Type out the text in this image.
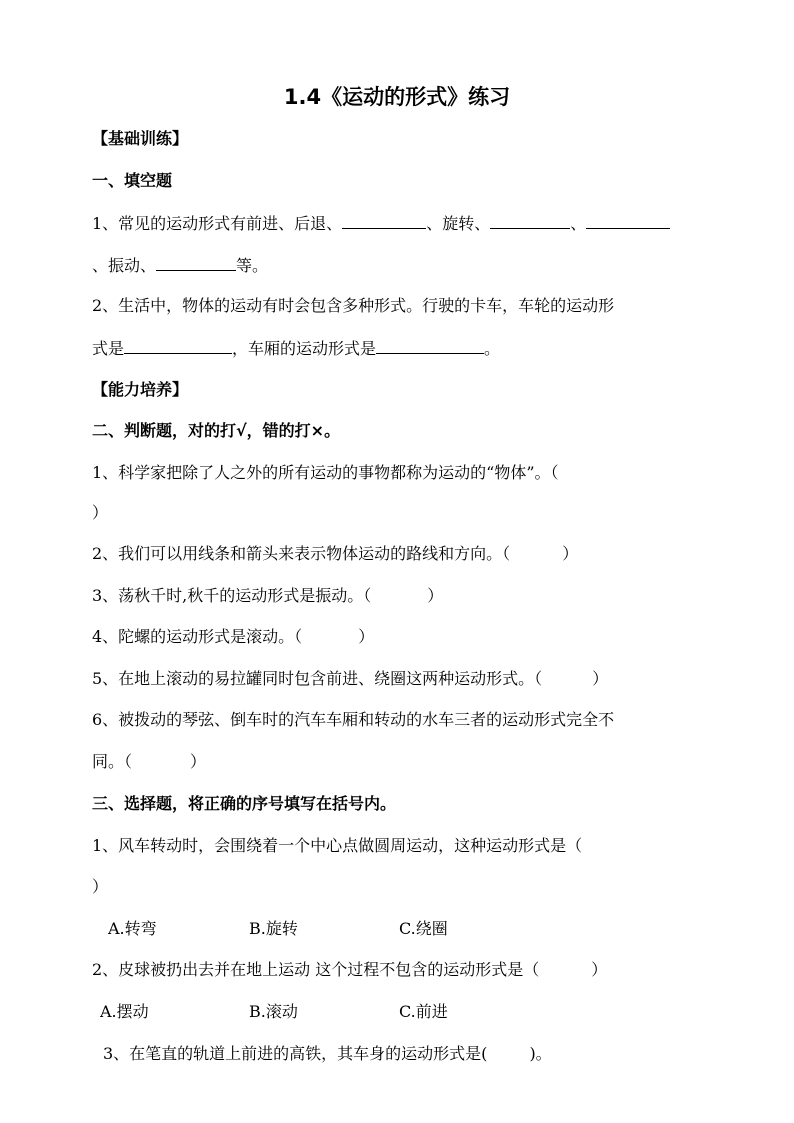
1.4《运动的形式》练习
【基础训练】
一、填空题
1、常见的运动形式有前进、后退、	、旋转、	、
、振动、	等。
2、生活中，物体的运动有时会包含多种形式。行驶的卡车，车轮的运动形
式是	，车厢的运动形式是	。
【能力培养】
二、判断题，对的打√，错的打×。
1、科学家把除了人之外的所有运动的事物都称为运动的“物体”。（
）
2、我们可以用线条和箭头来表示物体运动的路线和方向。（	）
3、荡秋千时,秋千的运动形式是振动。（	）
4、陀螺的运动形式是滚动。（	）
5、在地上滚动的易拉罐同时包含前进、绕圈这两种运动形式。（	）
6、被拨动的琴弦、倒车时的汽车车厢和转动的水车三者的运动形式完全不
同。（	）
三、选择题，将正确的序号填写在括号内。
1、风车转动时，会围绕着一个中心点做圆周运动，这种运动形式是（
）
A.转弯	B.旋转	C.绕圈
2、皮球被扔出去并在地上运动 这个过程不包含的运动形式是（	）
A.摆动	B.滚动	C.前进
3、在笔直的轨道上前进的高铁，其车身的运动形式是(	)。
